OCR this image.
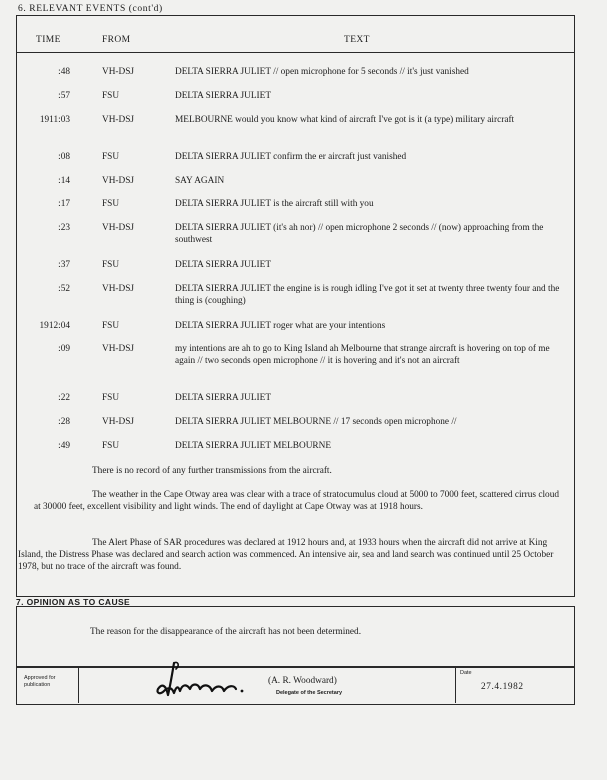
6. RELEVANT EVENTS (cont'd)
TIME	FROM	TEXT
:48	VH-DSJ	DELTA SIERRA JULIET // open microphone for 5 seconds // it's just vanished
:57	FSU	DELTA SIERRA JULIET
1911:03	VH-DSJ	MELBOURNE would you know what kind of aircraft I've got is it (a type) military aircraft
:08	FSU	DELTA SIERRA JULIET confirm the er aircraft just vanished
:14	VH-DSJ	SAY AGAIN
:17	FSU	DELTA SIERRA JULIET is the aircraft still with you
:23	VH-DSJ	DELTA SIERRA JULIET (it's ah nor) // open microphone 2 seconds // (now) approaching from the southwest
:37	FSU	DELTA SIERRA JULIET
:52	VH-DSJ	DELTA SIERRA JULIET the engine is is rough idling I've got it set at twenty three twenty four and the thing is (coughing)
1912:04	FSU	DELTA SIERRA JULIET roger what are your intentions
:09	VH-DSJ	my intentions are ah to go to King Island ah Melbourne that strange aircraft is hovering on top of me again // two seconds open microphone // it is hovering and it's not an aircraft
:22	FSU	DELTA SIERRA JULIET
:28	VH-DSJ	DELTA SIERRA JULIET MELBOURNE // 17 seconds open microphone //
:49	FSU	DELTA SIERRA JULIET MELBOURNE
There is no record of any further transmissions from the aircraft.
The weather in the Cape Otway area was clear with a trace of stratocumulus cloud at 5000 to 7000 feet, scattered cirrus cloud at 30000 feet, excellent visibility and light winds. The end of daylight at Cape Otway was at 1918 hours.
The Alert Phase of SAR procedures was declared at 1912 hours and, at 1933 hours when the aircraft did not arrive at King Island, the Distress Phase was declared and search action was commenced. An intensive air, sea and land search was continued until 25 October 1978, but no trace of the aircraft was found.
7. OPINION AS TO CAUSE
The reason for the disappearance of the aircraft has not been determined.
Approved for
publication	(A. R. Woodward)
Delegate of the Secretary
Date
27.4.1982
